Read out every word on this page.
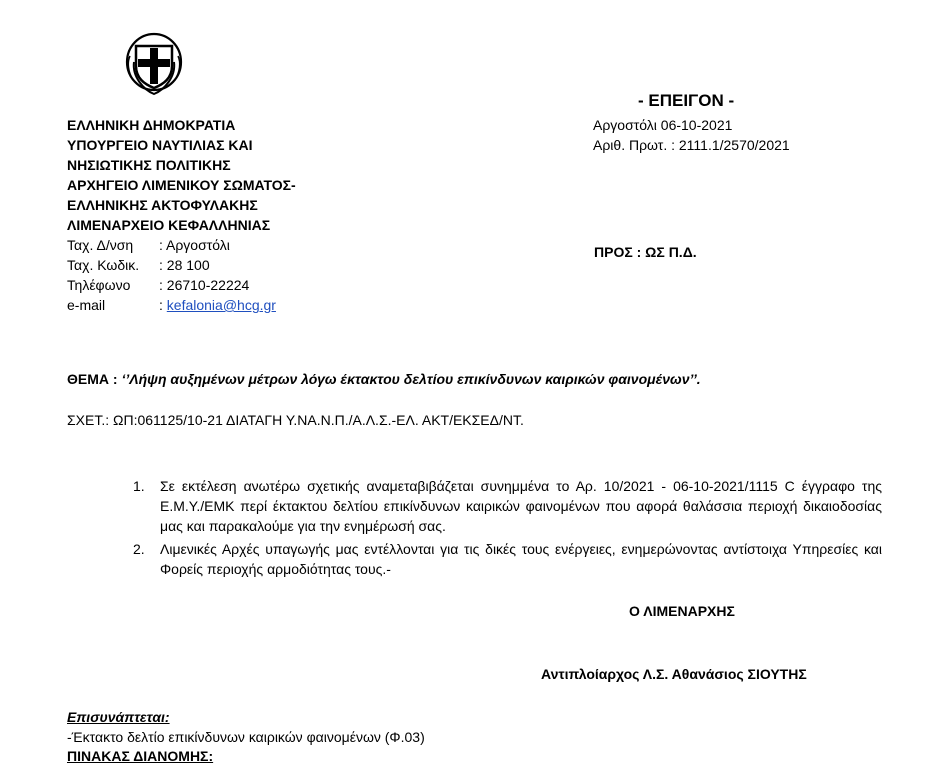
- ΕΠΕΙΓΟΝ -
ΕΛΛΗΝΙΚΗ ΔΗΜΟΚΡΑΤΙΑ
ΥΠΟΥΡΓΕΙΟ ΝΑΥΤΙΛΙΑΣ ΚΑΙ
ΝΗΣΙΩΤΙΚΗΣ ΠΟΛΙΤΙΚΗΣ
ΑΡΧΗΓΕΙΟ ΛΙΜΕΝΙΚΟΥ ΣΩΜΑΤΟΣ-
ΕΛΛΗΝΙΚΗΣ ΑΚΤΟΦΥΛΑΚΗΣ
ΛΙΜΕΝΑΡΧΕΙΟ ΚΕΦΑΛΛΗΝΙΑΣ
Ταχ. Δ/νση : Αργοστόλι
Ταχ. Κωδικ. : 28 100
Τηλέφωνο : 26710-22224
e-mail	: kefalonia@hcg.gr
Αργοστόλι 06-10-2021
Αριθ. Πρωτ. : 2111.1/2570/2021
ΠΡΟΣ : ΩΣ Π.Δ.
ΘΕΜΑ : ‘’Λήψη αυξημένων μέτρων λόγω έκτακτου δελτίου επικίνδυνων καιρικών φαινομένων’’.
ΣΧΕΤ.: ΩΠ:061125/10-21 ΔΙΑΤΑΓΗ Υ.ΝΑ.Ν.Π./Α.Λ.Σ.-ΕΛ. ΑΚΤ/ΕΚΣΕΔ/ΝΤ.
1. Σε εκτέλεση ανωτέρω σχετικής αναμεταβιβάζεται συνημμένα το Αρ. 10/2021 - 06-10-2021/1115 C έγγραφο της Ε.Μ.Υ./ΕΜΚ περί έκτακτου δελτίου επικίνδυνων καιρικών φαινομένων που αφορά θαλάσσια περιοχή δικαιοδοσίας μας και παρακαλούμε για την ενημέρωσή σας.
2. Λιμενικές Αρχές υπαγωγής μας εντέλλονται για τις δικές τους ενέργειες, ενημερώνοντας αντίστοιχα Υπηρεσίες και Φορείς περιοχής αρμοδιότητας τους.-
Ο ΛΙΜΕΝΑΡΧΗΣ
Αντιπλοίαρχος Λ.Σ. Αθανάσιος ΣΙΟΥΤΗΣ
Επισυνάπτεται:
-Έκτακτο δελτίο επικίνδυνων καιρικών φαινομένων (Φ.03)
ΠΙΝΑΚΑΣ ΔΙΑΝΟΜΗΣ:
